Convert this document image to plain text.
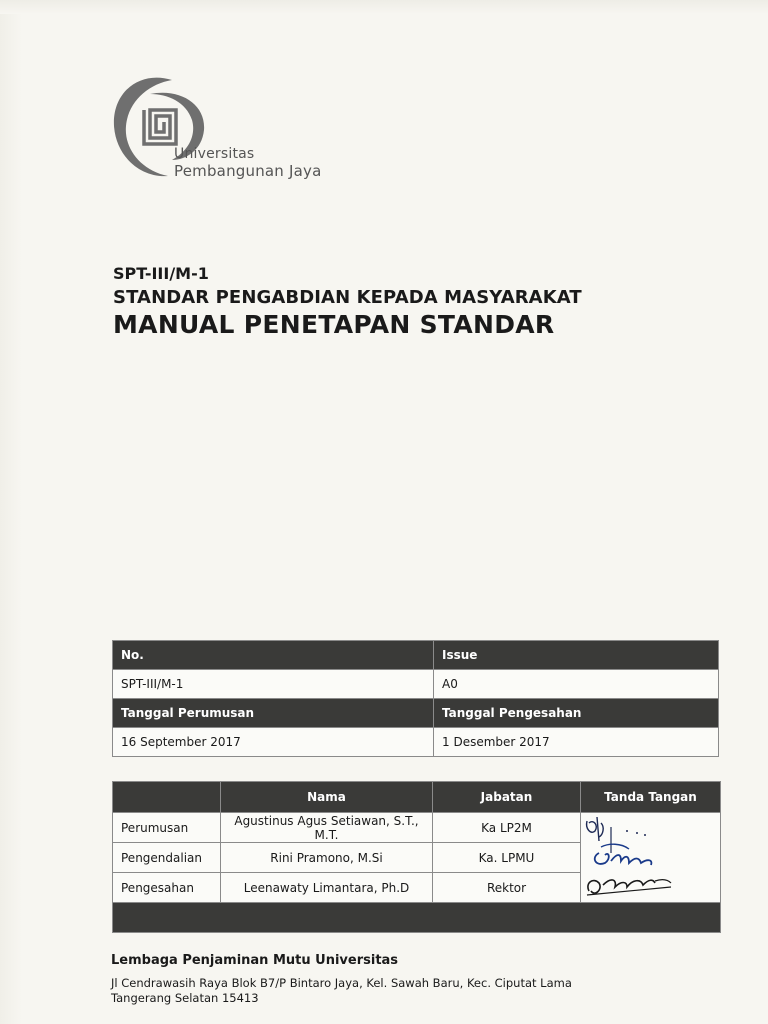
Universitas
Pembangunan Jaya
SPT-III/M-1
STANDAR PENGABDIAN KEPADA MASYARAKAT
MANUAL PENETAPAN STANDAR
No.	Issue
SPT-III/M-1	A0
Tanggal Perumusan	Tanggal Pengesahan
16 September 2017	1 Desember 2017
	Nama	Jabatan	Tanda Tangan
Perumusan	Agustinus Agus Setiawan, S.T., M.T.	Ka LP2M	

Pengendalian	Rini Pramono, M.Si	Ka. LPMU	
Pengesahan	Leenawaty Limantara, Ph.D	Rektor	

Lembaga Penjaminan Mutu Universitas
Jl Cendrawasih Raya Blok B7/P Bintaro Jaya, Kel. Sawah Baru, Kec. Ciputat Lama
Tangerang Selatan 15413
